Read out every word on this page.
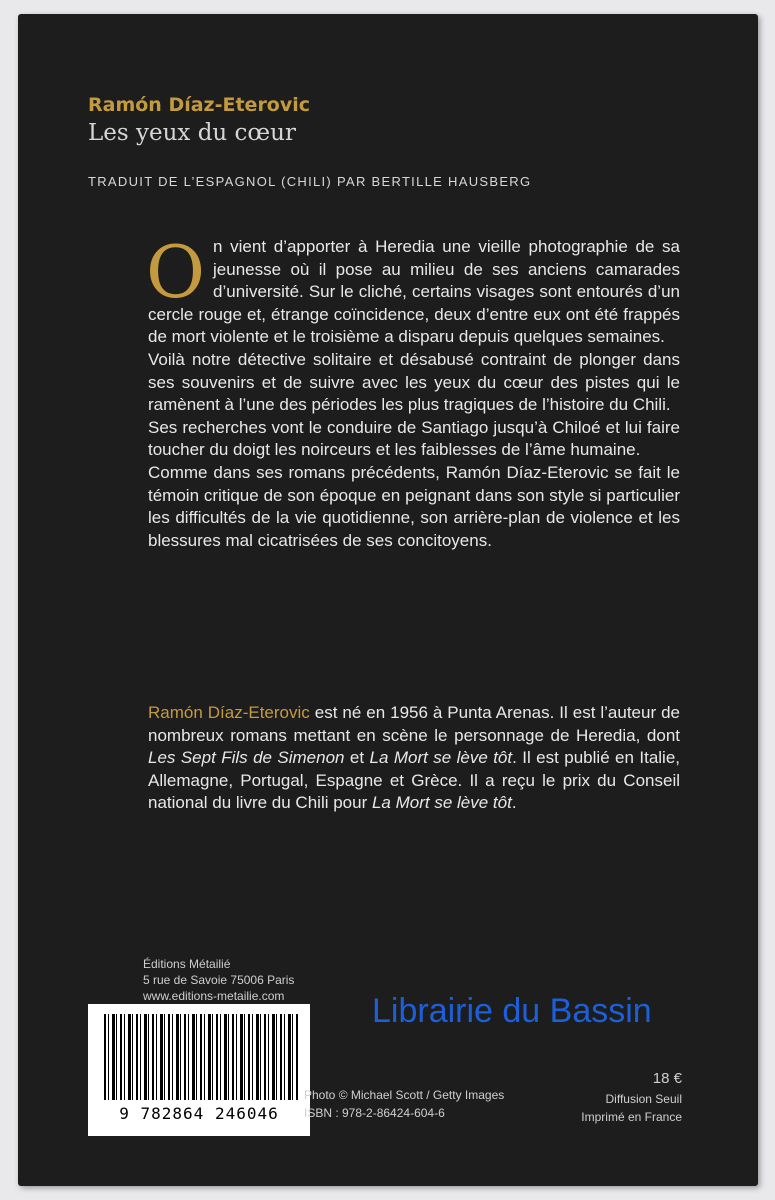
Ramón Díaz-Eterovic
Les yeux du cœur
TRADUIT DE L’ESPAGNOL (CHILI) PAR BERTILLE HAUSBERG

On vient d’apporter à Heredia une vieille photographie de sa jeunesse où il pose au milieu de ses anciens camarades d’université. Sur le cliché, certains visages sont entourés d’un cercle rouge et, étrange coïncidence, deux d’entre eux ont été frappés de mort violente et le troisième a disparu depuis quelques semaines.

Voilà notre détective solitaire et désabusé contraint de plonger dans ses souvenirs et de suivre avec les yeux du cœur des pistes qui le ramènent à l’une des périodes les plus tragiques de l’histoire du Chili.

Ses recherches vont le conduire de Santiago jusqu’à Chiloé et lui faire toucher du doigt les noirceurs et les faiblesses de l’âme humaine.

Comme dans ses romans précédents, Ramón Díaz-Eterovic se fait le témoin critique de son époque en peignant dans son style si particulier les difficultés de la vie quotidienne, son arrière-plan de violence et les blessures mal cicatrisées de ses concitoyens.

Ramón Díaz-Eterovic est né en 1956 à Punta Arenas. Il est l’auteur de nombreux romans mettant en scène le personnage de Heredia, dont Les Sept Fils de Simenon et La Mort se lève tôt. Il est publié en Italie, Allemagne, Portugal, Espagne et Grèce. Il a reçu le prix du Conseil national du livre du Chili pour La Mort se lève tôt.
Éditions Métailié
5 rue de Savoie 75006 Paris
www.editions-metailie.com
9 782864 246046
Photo © Michael Scott / Getty Images
ISBN : 978-2-86424-604-6
18 €
Diffusion Seuil
Imprimé en France
Librairie du Bassin
